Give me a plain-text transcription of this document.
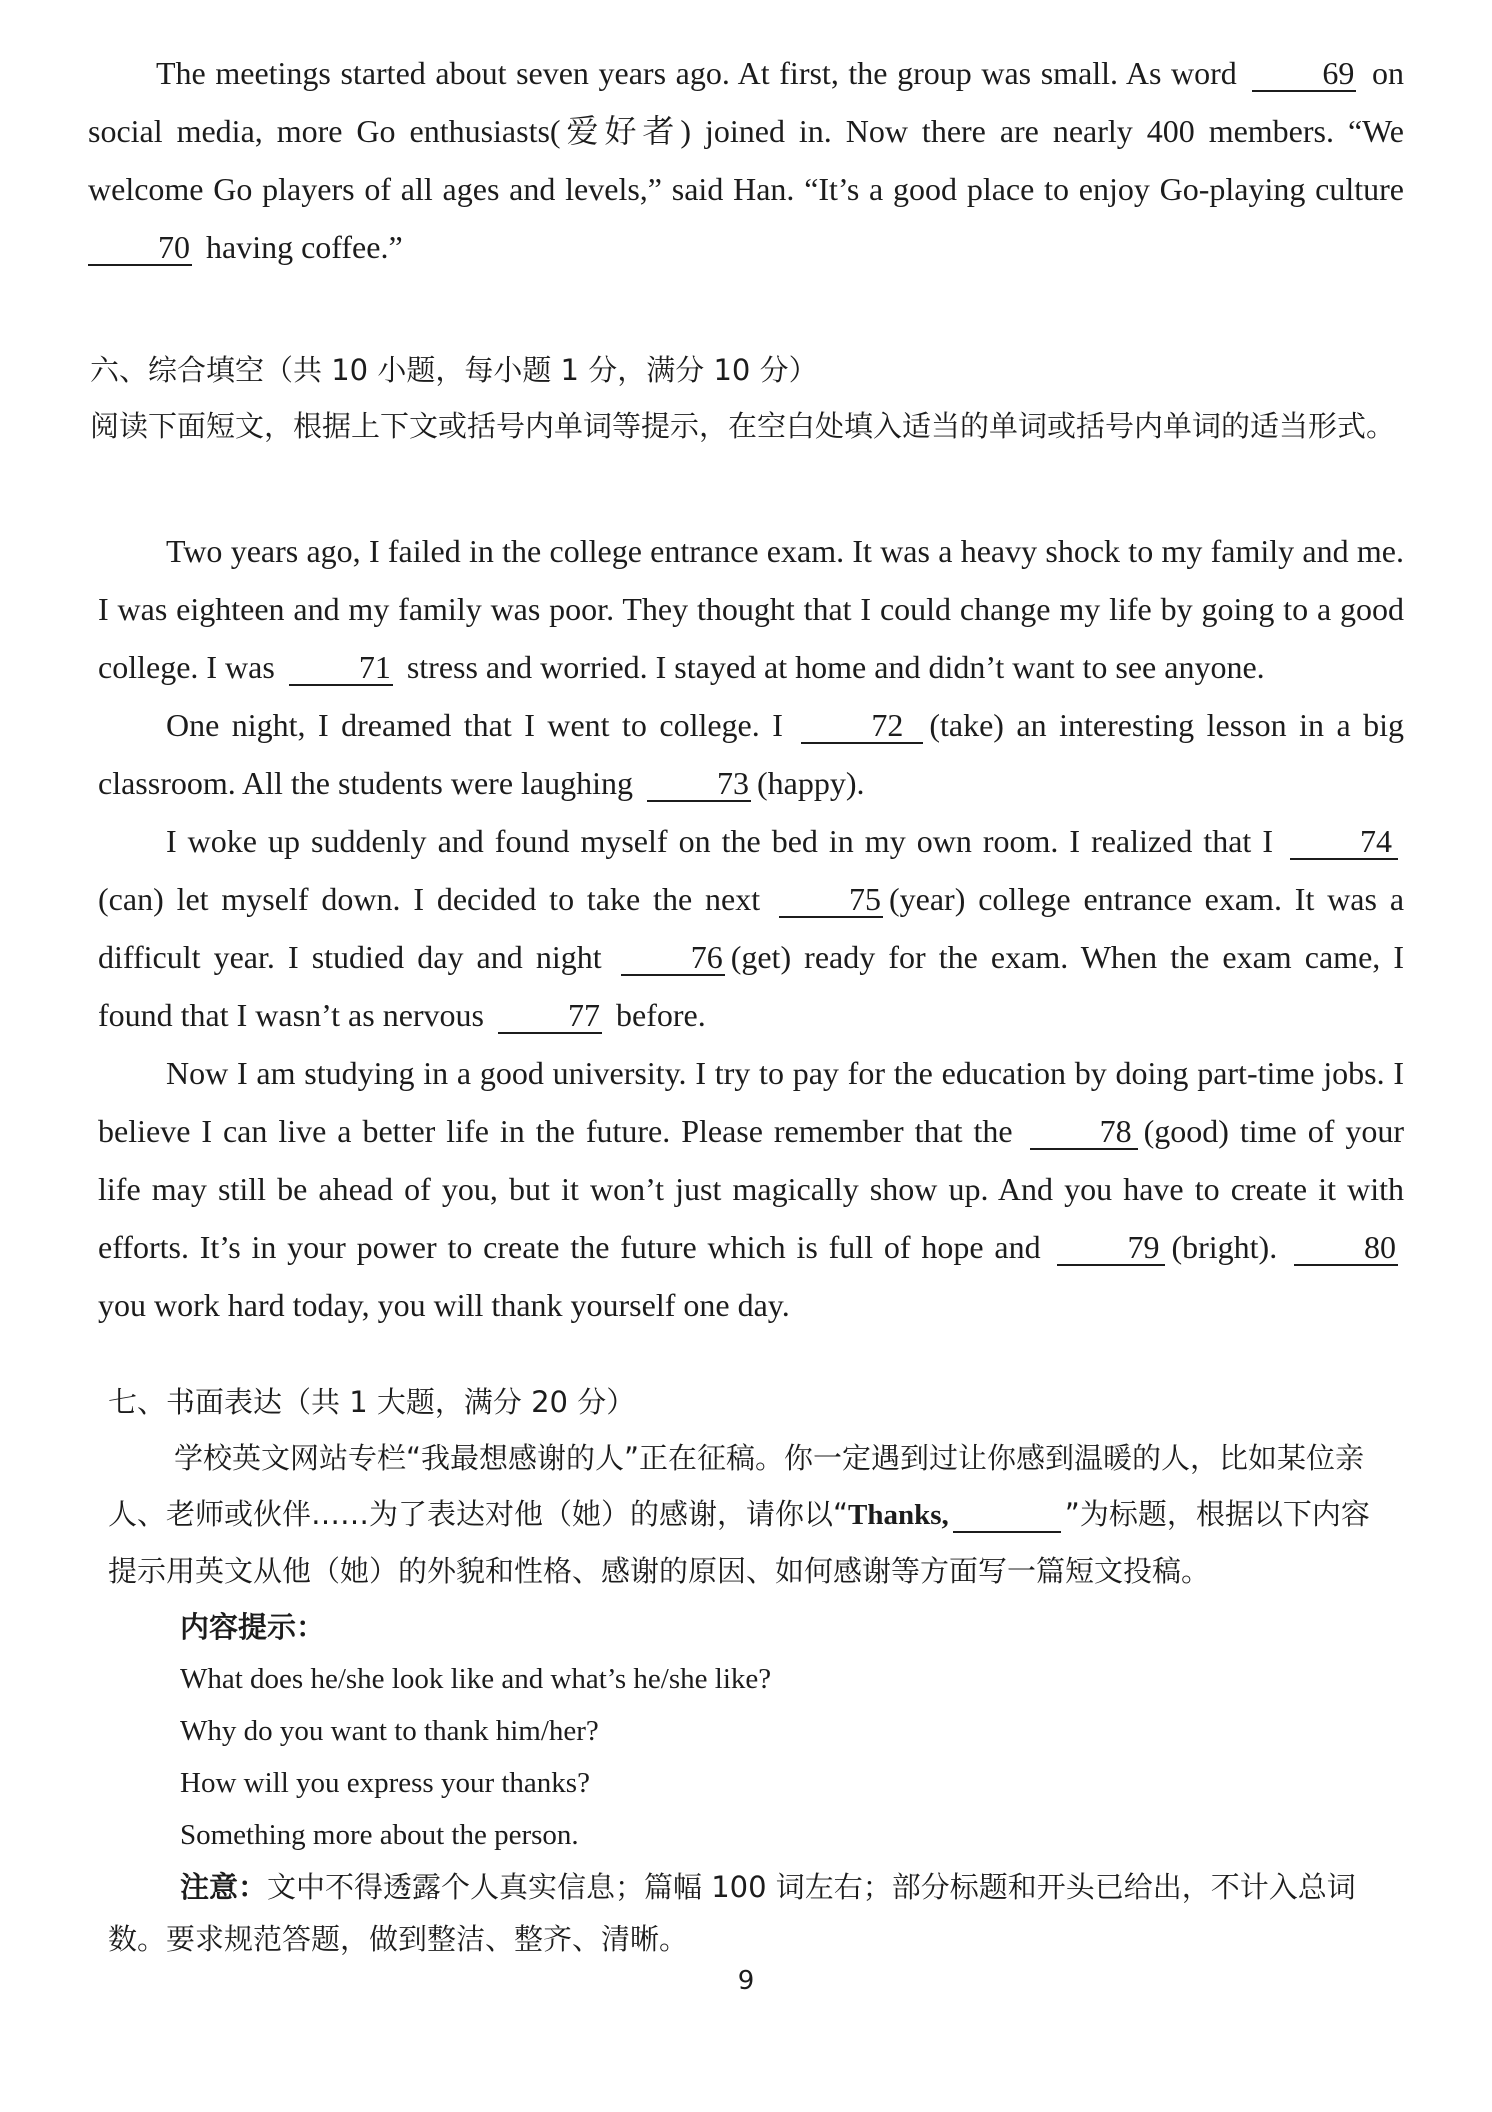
The meetings started about seven years ago. At first, the group was small. As word	69 on social media, more Go enthusiasts(爱好者) joined in. Now there are nearly 400 members. “We welcome Go players of all ages and levels,” said Han. “It’s a good place to enjoy Go-playing culture 70 having coffee.”

六、综合填空（共 10 小题，每小题 1 分，满分 10 分）

阅读下面短文，根据上下文或括号内单词等提示，在空白处填入适当的单词或括号内单词的适当形式。

Two years ago, I failed in the college entrance exam. It was a heavy shock to my family and me. I was eighteen and my family was poor. They thought that I could change my life by going to a good college. I was	71 stress and worried. I stayed at home and didn’t want to see anyone.

One night, I dreamed that I went to college. I	72 (take) an interesting lesson in a big classroom. All the students were laughing	73 (happy).

I woke up suddenly and found myself on the bed in my own room. I realized that I	74(can) let myself down. I decided to take the next	75 (year) college entrance exam. It was a difficult year. I studied day and night	76 (get) ready for the exam. When the exam came, I found that I wasn’t as nervous	77 before.

Now I am studying in a good university. I try to pay for the education by doing part-time jobs. I believe I can live a better life in the future. Please remember that the	78 (good) time of your life may still be ahead of you, but it won’t just magically show up. And you have to create it with efforts. It’s in your power to create the future which is full of hope and	79 (bright).	80 you work hard today, you will thank yourself one day.

七、书面表达（共 1 大题，满分 20 分）

学校英文网站专栏“我最想感谢的人”正在征稿。你一定遇到过让你感到温暖的人，比如某位亲人、老师或伙伴……为了表达对他（她）的感谢，请你以“Thanks,	”为标题，根据以下内容提示用英文从他（她）的外貌和性格、感谢的原因、如何感谢等方面写一篇短文投稿。

内容提示：

What does he/she look like and what’s he/she like?

Why do you want to thank him/her?

How will you express your thanks?

Something more about the person.

注意：文中不得透露个人真实信息；篇幅 100 词左右；部分标题和开头已给出，不计入总词数。要求规范答题，做到整洁、整齐、清晰。

9
